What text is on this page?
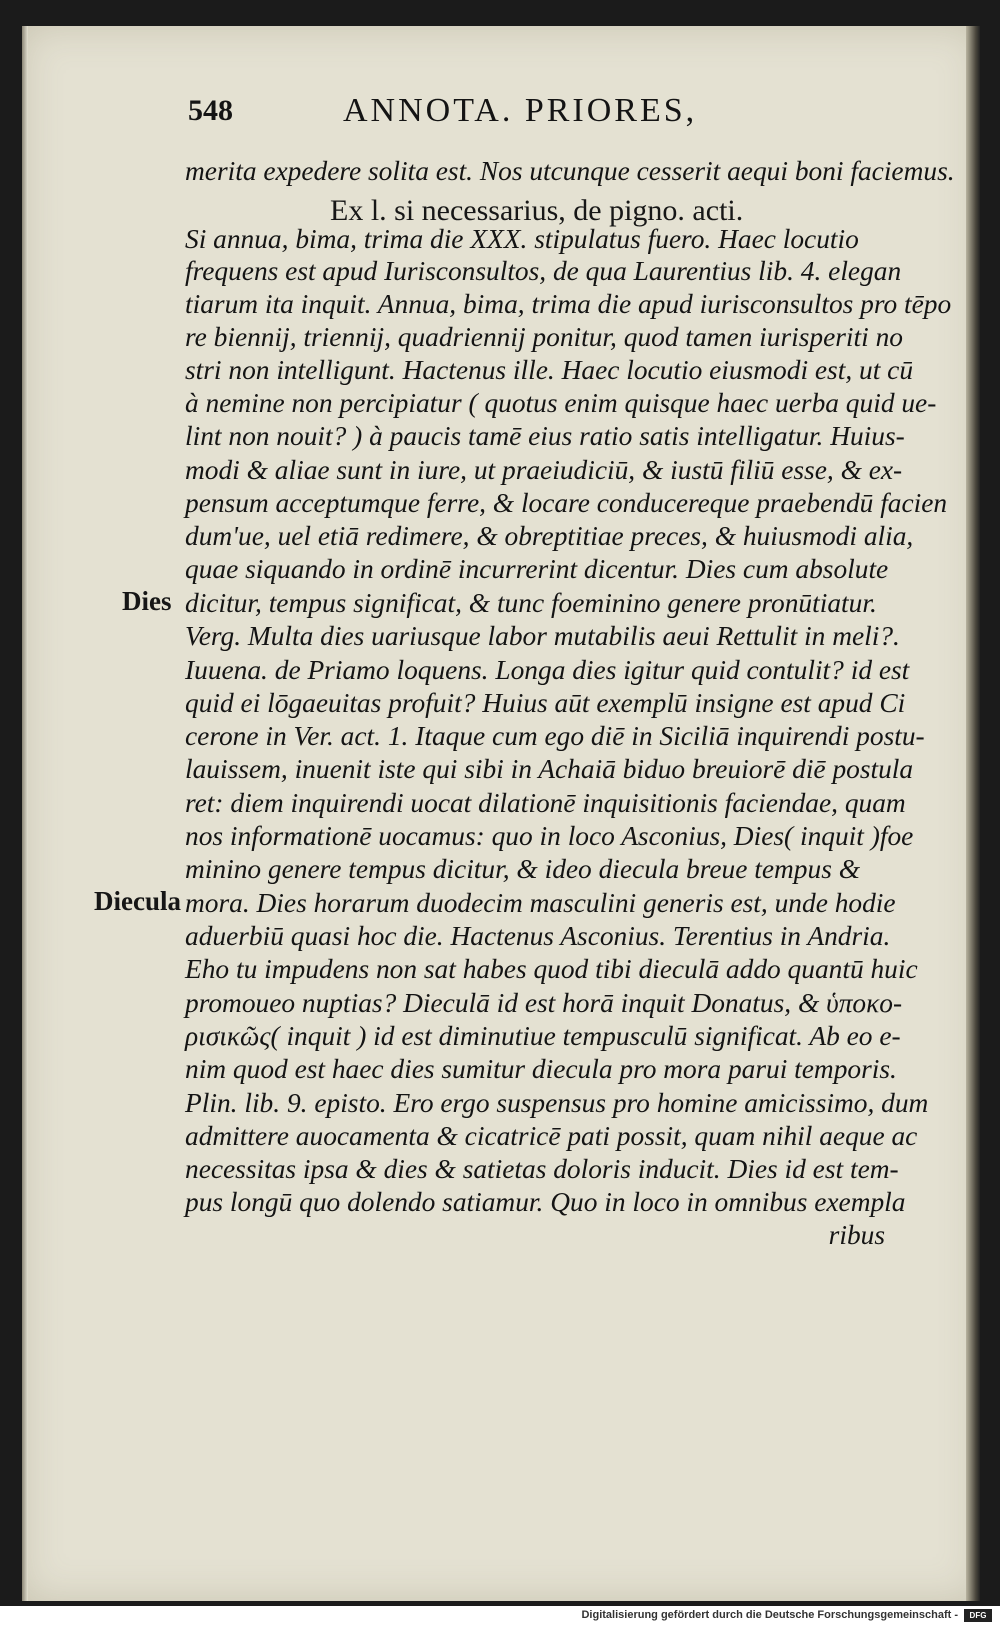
548	ANNOTA. PRIORES,
Ex l. si necessarius, de pigno. acti.
Dies
Diecula
merita expedere solita est. Nos utcunque cesserit aequi boni faciemus.
Si annua, bima, trima die XXX. stipulatus fuero. Haec locutio
frequens est apud Iurisconsultos, de qua Laurentius lib. 4. elegan
tiarum ita inquit. Annua, bima, trima die apud iurisconsultos pro tēpo
re biennij, triennij, quadriennij ponitur, quod tamen iurisperiti no
stri non intelligunt. Hactenus ille. Haec locutio eiusmodi est, ut cū
à nemine non percipiatur ( quotus enim quisque haec uerba quid ue-
lint non nouit? ) à paucis tamē eius ratio satis intelligatur. Huius-
modi & aliae sunt in iure, ut praeiudiciū, & iustū filiū esse, & ex-
pensum acceptumque ferre, & locare conducereque praebendū facien
dum'ue, uel etiā redimere, & obreptitiae preces, & huiusmodi alia,
quae siquando in ordinē incurrerint dicentur. Dies cum absolute
dicitur, tempus significat, & tunc foeminino genere pronūtiatur.
Verg. Multa dies uariusque labor mutabilis aeui Rettulit in meli?.
Iuuena. de Priamo loquens. Longa dies igitur quid contulit? id est
quid ei lōgaeuitas profuit? Huius aūt exemplū insigne est apud Ci
cerone in Ver. act. 1. Itaque cum ego diē in Siciliā inquirendi postu-
lauissem, inuenit iste qui sibi in Achaiā biduo breuiorē diē postula
ret: diem inquirendi uocat dilationē inquisitionis faciendae, quam
nos informationē uocamus: quo in loco Asconius, Dies( inquit )foe
minino genere tempus dicitur, & ideo diecula breue tempus &
mora. Dies horarum duodecim masculini generis est, unde hodie
aduerbiū quasi hoc die. Hactenus Asconius. Terentius in Andria.
Eho tu impudens non sat habes quod tibi dieculā addo quantū huic
promoueo nuptias? Dieculā id est horā inquit Donatus, & ὑποκο-
ρισικῶς( inquit ) id est diminutiue tempusculū significat. Ab eo e-
nim quod est haec dies sumitur diecula pro mora parui temporis.
Plin. lib. 9. episto. Ero ergo suspensus pro homine amicissimo, dum
admittere auocamenta & cicatricē pati possit, quam nihil aeque ac
necessitas ipsa & dies & satietas doloris inducit. Dies id est tem-
pus longū quo dolendo satiamur. Quo in loco in omnibus exempla
ribus
Digitalisierung gefördert durch die Deutsche Forschungsgemeinschaft -	DFG
